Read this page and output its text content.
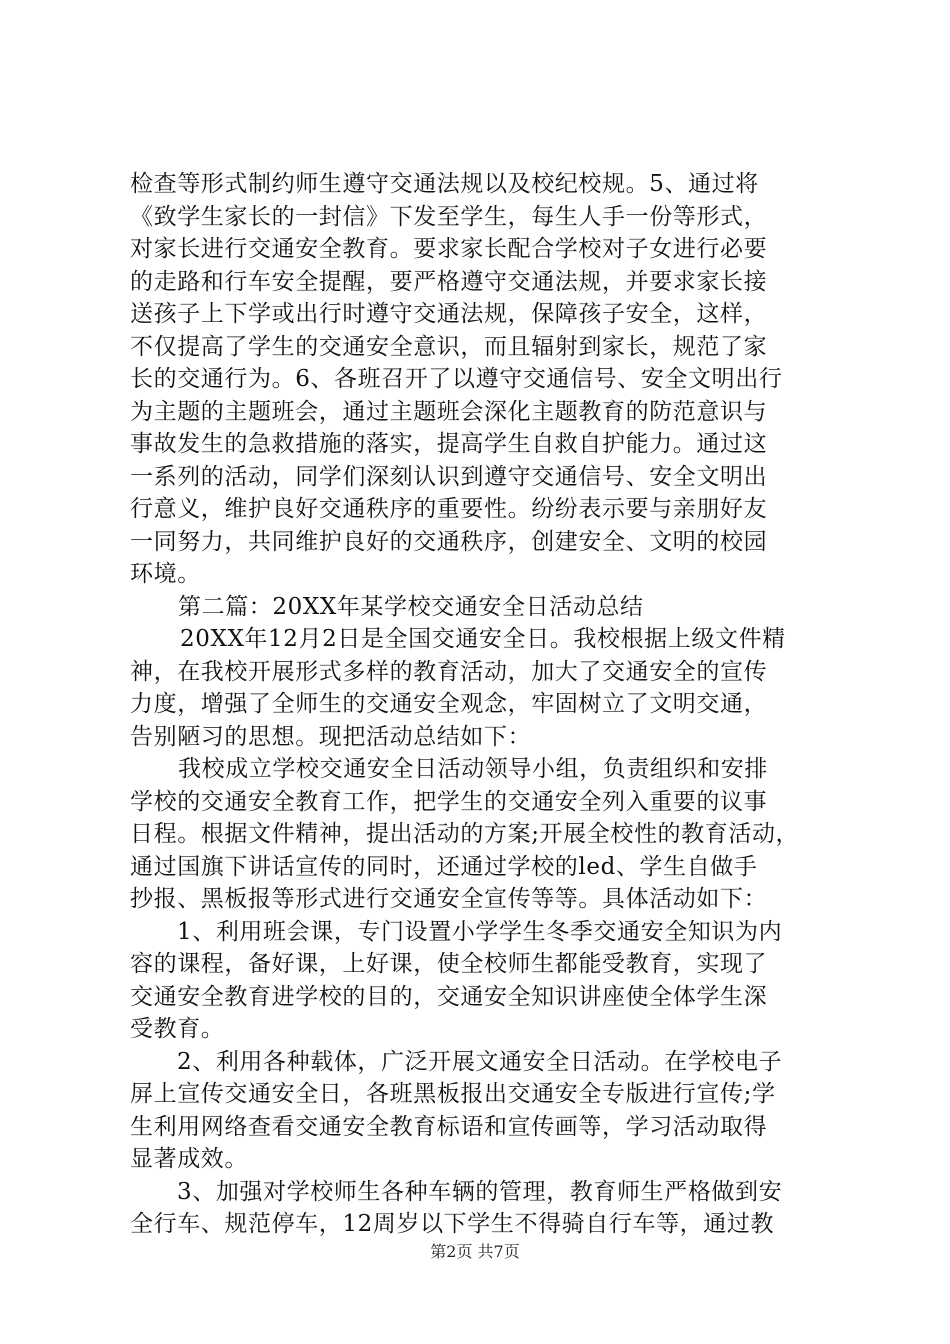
检查等形式制约师生遵守交通法规以及校纪校规。5、通过将
《致学生家长的一封信》下发至学生，每生人手一份等形式，
对家长进行交通安全教育。要求家长配合学校对子女进行必要
的走路和行车安全提醒，要严格遵守交通法规，并要求家长接
送孩子上下学或出行时遵守交通法规，保障孩子安全，这样，
不仅提高了学生的交通安全意识，而且辐射到家长，规范了家
长的交通行为。6、各班召开了以遵守交通信号、安全文明出行
为主题的主题班会，通过主题班会深化主题教育的防范意识与
事故发生的急救措施的落实，提高学生自救自护能力。通过这
一系列的活动，同学们深刻认识到遵守交通信号、安全文明出
行意义，维护良好交通秩序的重要性。纷纷表示要与亲朋好友
一同努力，共同维护良好的交通秩序，创建安全、文明的校园
环境。
第二篇：20XX年某学校交通安全日活动总结
20XX年12月2日是全国交通安全日。我校根据上级文件精
神，在我校开展形式多样的教育活动，加大了交通安全的宣传
力度，增强了全师生的交通安全观念，牢固树立了文明交通，
告别陋习的思想。现把活动总结如下：
我校成立学校交通安全日活动领导小组，负责组织和安排
学校的交通安全教育工作，把学生的交通安全列入重要的议事
日程。根据文件精神，提出活动的方案;开展全校性的教育活动，
通过国旗下讲话宣传的同时，还通过学校的led、学生自做手
抄报、黑板报等形式进行交通安全宣传等等。具体活动如下：
1、利用班会课，专门设置小学学生冬季交通安全知识为内
容的课程，备好课，上好课，使全校师生都能受教育，实现了
交通安全教育进学校的目的，交通安全知识讲座使全体学生深
受教育。
2、利用各种载体，广泛开展文通安全日活动。在学校电子
屏上宣传交通安全日，各班黑板报出交通安全专版进行宣传;学
生利用网络查看交通安全教育标语和宣传画等，学习活动取得
显著成效。
3、加强对学校师生各种车辆的管理，教育师生严格做到安
全行车、规范停车，12周岁以下学生不得骑自行车等，通过教
第2页 共7页
